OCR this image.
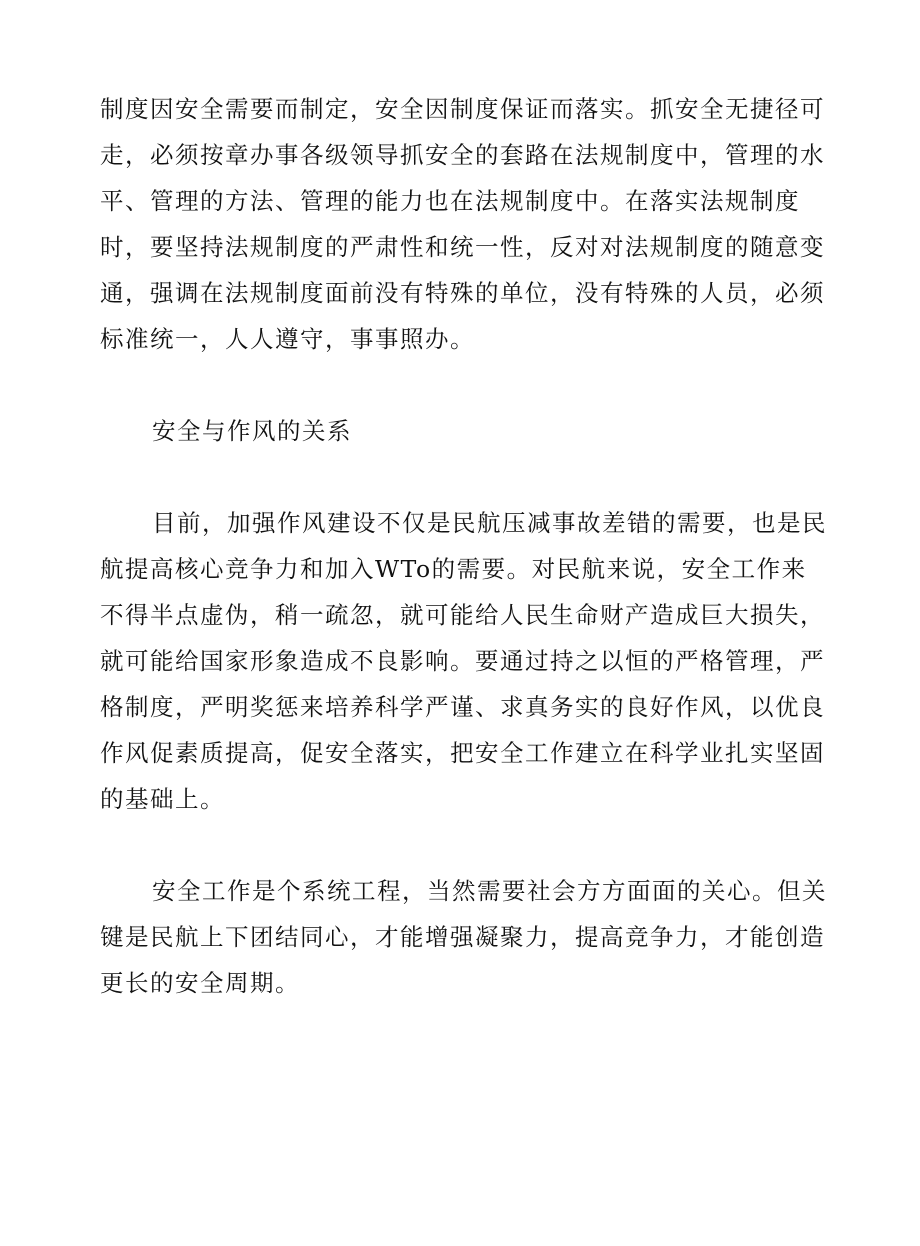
制度因安全需要而制定，安全因制度保证而落实。抓安全无捷径可走，必须按章办事各级领导抓安全的套路在法规制度中，管理的水平、管理的方法、管理的能力也在法规制度中。在落实法规制度时，要坚持法规制度的严肃性和统一性，反对对法规制度的随意变通，强调在法规制度面前没有特殊的单位，没有特殊的人员，必须标准统一，人人遵守，事事照办。

安全与作风的关系

目前，加强作风建设不仅是民航压减事故差错的需要，也是民航提高核心竞争力和加入WTo的需要。对民航来说，安全工作来不得半点虚伪，稍一疏忽，就可能给人民生命财产造成巨大损失，就可能给国家形象造成不良影响。要通过持之以恒的严格管理，严格制度，严明奖惩来培养科学严谨、求真务实的良好作风，以优良作风促素质提高，促安全落实，把安全工作建立在科学业扎实坚固的基础上。

安全工作是个系统工程，当然需要社会方方面面的关心。但关键是民航上下团结同心，才能增强凝聚力，提高竞争力，才能创造更长的安全周期。
